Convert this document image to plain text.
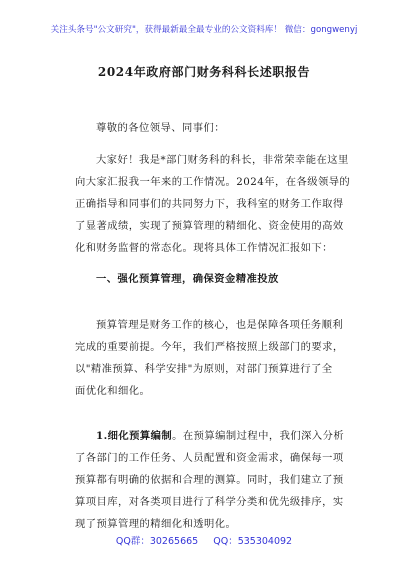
关注头条号"公文研究"，获得最新最全最专业的公文资料库！ 微信：gongwenyj
2024年政府部门财务科科长述职报告
尊敬的各位领导、同事们：
大家好！我是*部门财务科的科长，非常荣幸能在这里
向大家汇报我一年来的工作情况。2024年，在各级领导的
正确指导和同事们的共同努力下，我科室的财务工作取得
了显著成绩，实现了预算管理的精细化、资金使用的高效
化和财务监督的常态化。现将具体工作情况汇报如下：
一、强化预算管理，确保资金精准投放
预算管理是财务工作的核心，也是保障各项任务顺利
完成的重要前提。今年，我们严格按照上级部门的要求，
以"精准预算、科学安排"为原则，对部门预算进行了全
面优化和细化。
1.细化预算编制。在预算编制过程中，我们深入分析
了各部门的工作任务、人员配置和资金需求，确保每一项
预算都有明确的依据和合理的测算。同时，我们建立了预
算项目库，对各类项目进行了科学分类和优先级排序，实
现了预算管理的精细化和透明化。
QQ群：30265665 QQ：535304092
